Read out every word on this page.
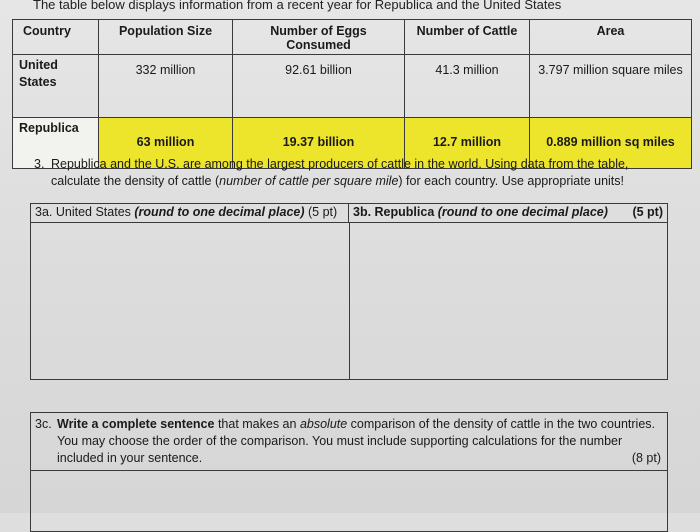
The table below displays information from a recent year for Republica and the United States
Country	Population Size	Number of Eggs Consumed	Number of Cattle	Area
United States	332 million	92.61 billion	41.3 million	3.797 million square miles
Republica	63 million	19.37 billion	12.7 million	0.889 million sq miles
3. Republica and the U.S. are among the largest producers of cattle in the world. Using data from the table, calculate the density of cattle (number of cattle per square mile) for each country. Use appropriate units!
3a. United States (round to one decimal place) (5 pt)	3b. Republica (round to one decimal place) (5 pt)
3c. Write a complete sentence that makes an absolute comparison of the density of cattle in the two countries. You may choose the order of the comparison. You must include supporting calculations for the number included in your sentence.	(8 pt)
